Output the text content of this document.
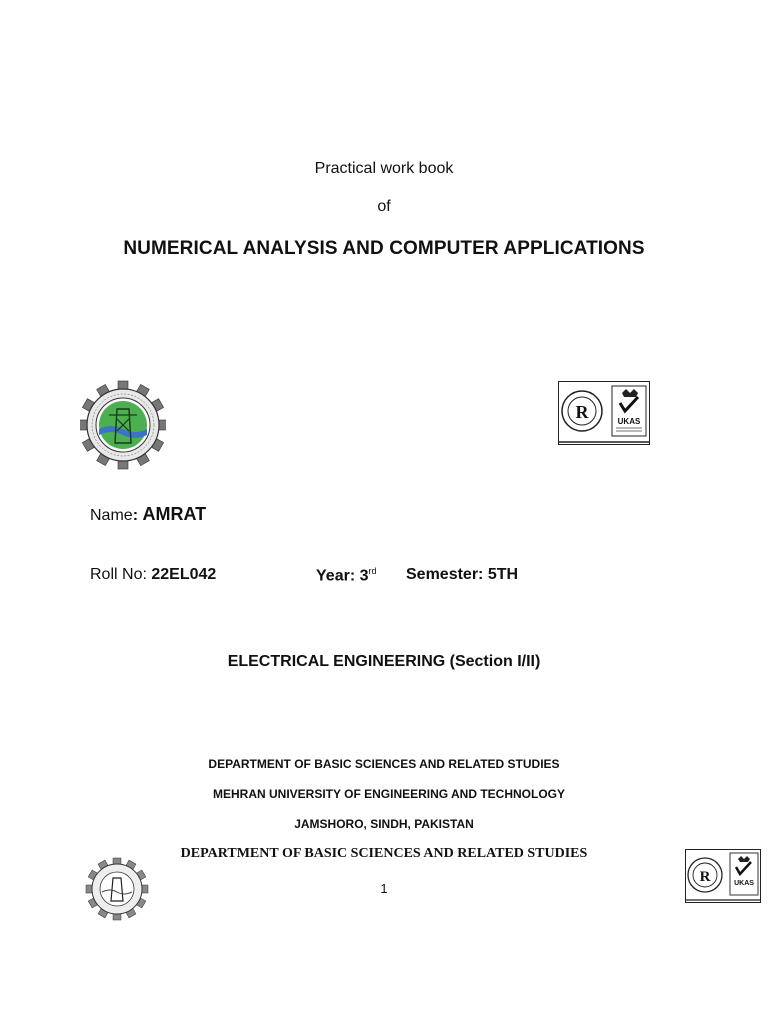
Practical work book
of
NUMERICAL ANALYSIS AND COMPUTER APPLICATIONS
R	UKAS
Name: AMRAT
Roll No: 22EL042	Year: 3rd Semester: 5TH
ELECTRICAL ENGINEERING (Section I/II)
DEPARTMENT OF BASIC SCIENCES AND RELATED STUDIES
MEHRAN UNIVERSITY OF ENGINEERING AND TECHNOLOGY
JAMSHORO, SINDH, PAKISTAN
DEPARTMENT OF BASIC SCIENCES AND RELATED STUDIES
1
R	UKAS
